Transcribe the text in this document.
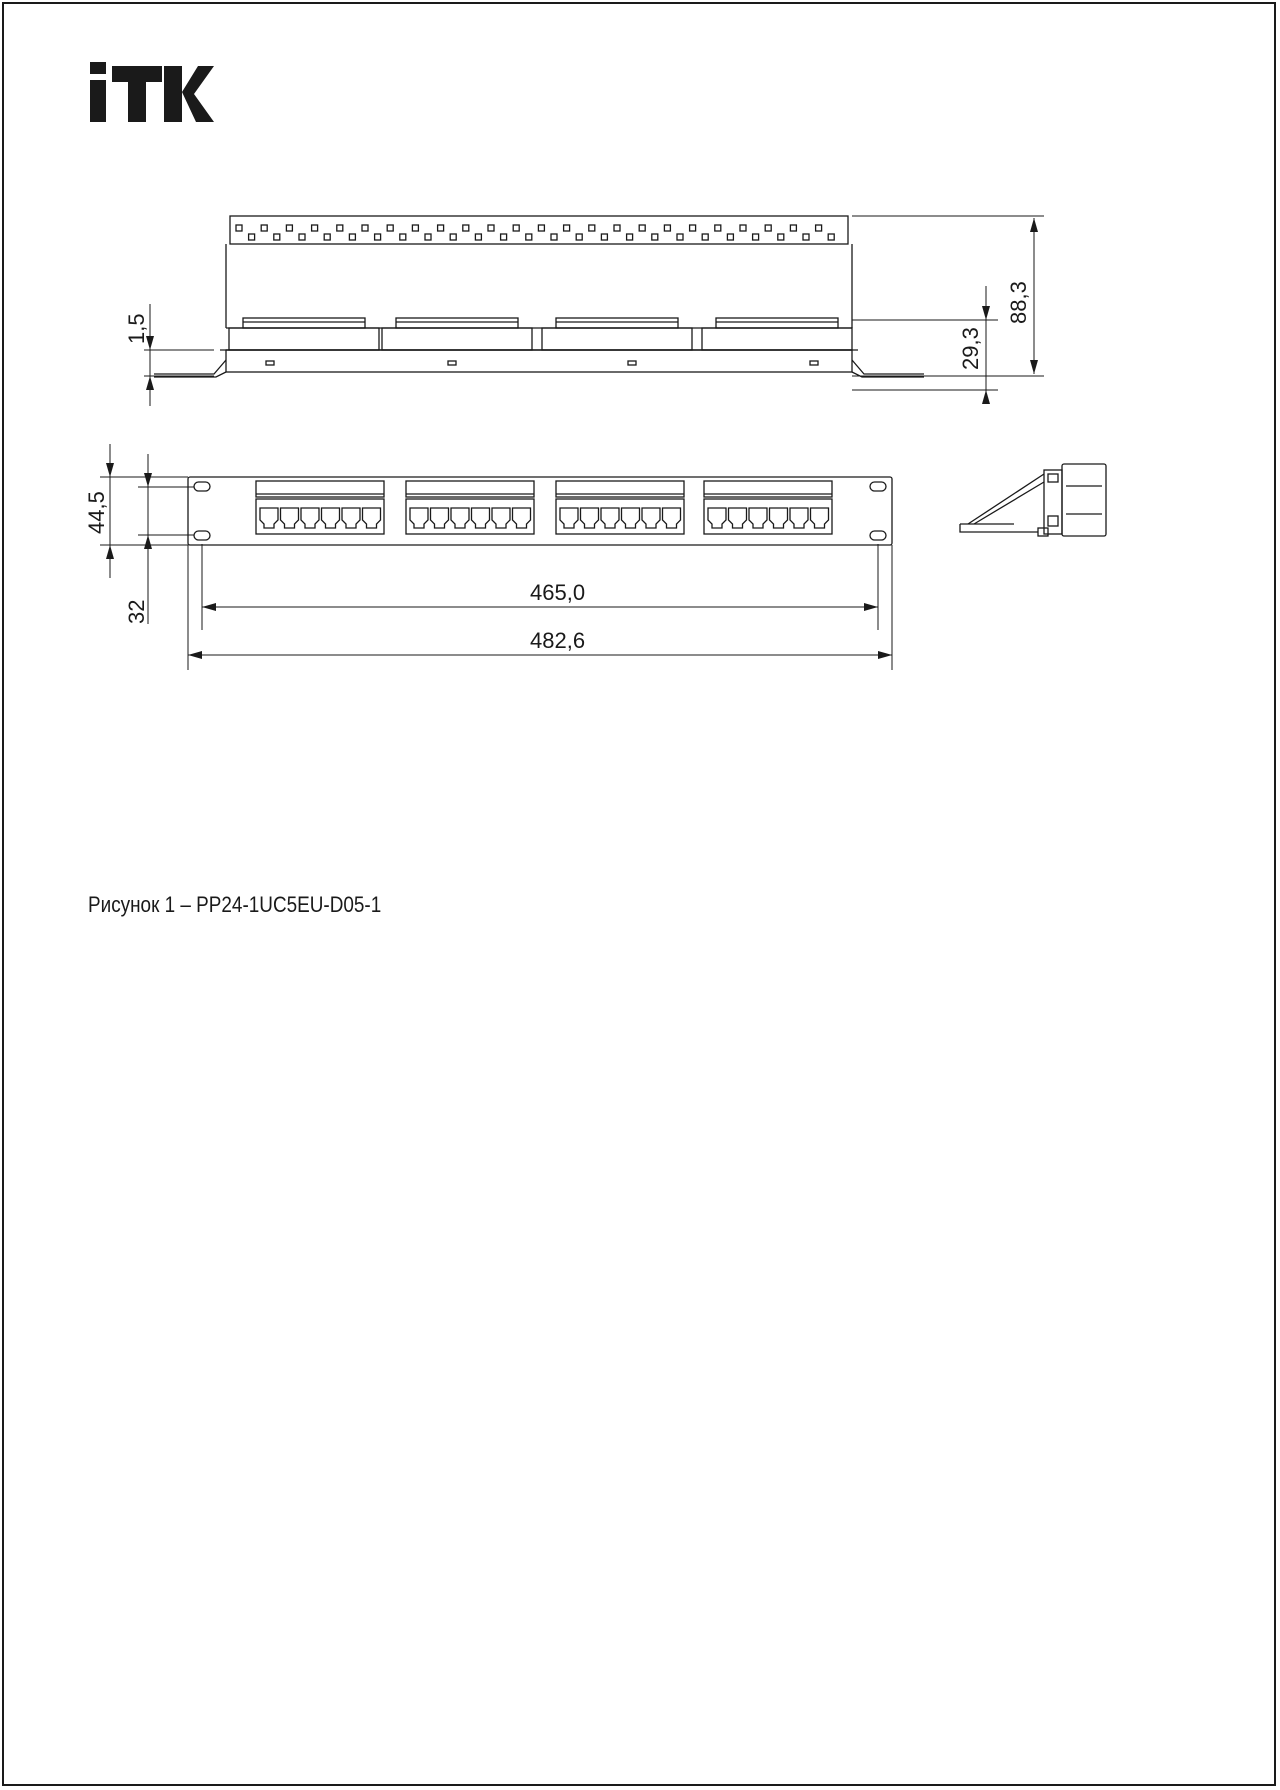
88,3
29,3
1,5
44,5
32
465,0
482,6
Рисунок 1 – PP24-1UC5EU-D05-1
